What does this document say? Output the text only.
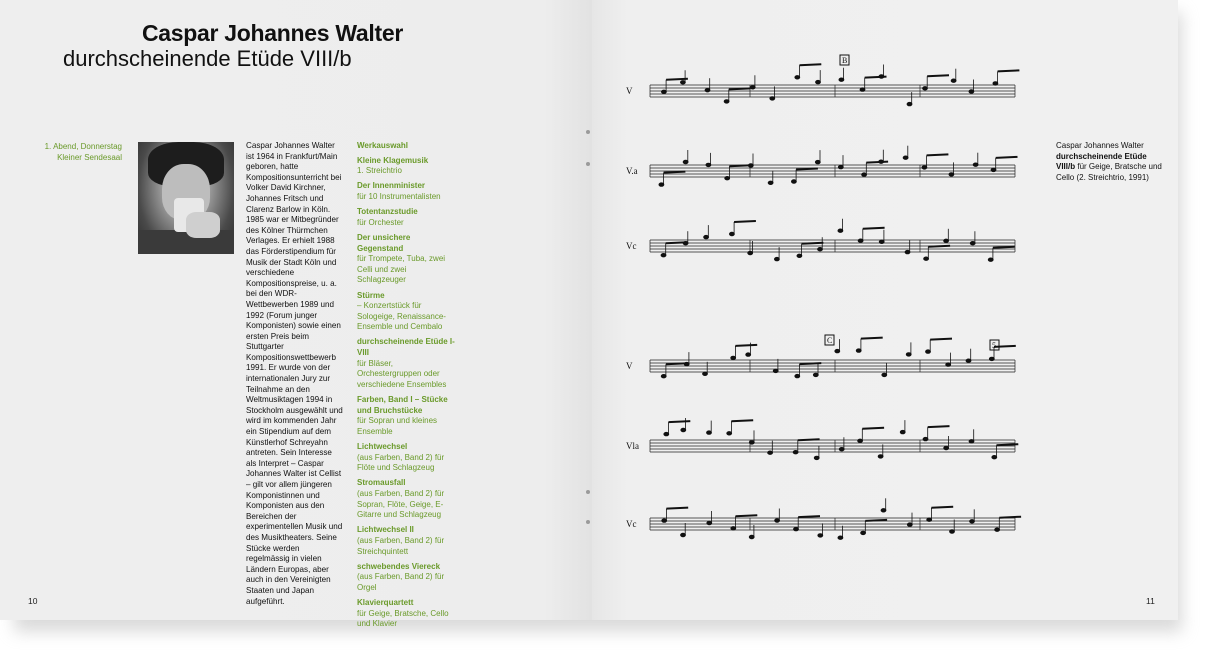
Caspar Johannes Walter
durchscheinende Etüde VIII/b
1. Abend, Donnerstag
Kleiner Sendesaal

Caspar Johannes Walter ist 1964 in Frankfurt/Main geboren, hatte Kompositionsunterricht bei Volker David Kirchner, Johannes Fritsch und Clarenz Barlow in Köln. 1985 war er Mitbegründer des Kölner Thürmchen Verlages. Er erhielt 1988 das Förderstipendium für Musik der Stadt Köln und verschiedene Kompositionspreise, u. a. bei den WDR-Wettbewerben 1989 und 1992 (Forum junger Komponisten) sowie einen ersten Preis beim Stuttgarter Kompositionswettbewerb 1991. Er wurde von der internationalen Jury zur Teilnahme an den Weltmusiktagen 1994 in Stockholm ausgewählt und wird im kommenden Jahr ein Stipendium auf dem Künstlerhof Schreyahn antreten. Sein Interesse als Interpret – Caspar Johannes Walter ist Cellist – gilt vor allem jüngeren Komponistinnen und Komponisten aus den Bereichen der experimentellen Musik und des Musiktheaters. Seine Stücke werden regelmässig in vielen Ländern Europas, aber auch in den Vereinigten Staaten und Japan aufgeführt.

Werkauswahl
Kleine Klagemusik
1. Streichtrio
Der Innenminister
für 10 Instrumentalisten
Totentanzstudie
für Orchester
Der unsichere Gegenstand
für Trompete, Tuba, zwei Celli und zwei Schlagzeuger
Stürme
– Konzertstück für Sologeige, Renaissance-Ensemble und Cembalo
durchscheinende Etüde I-VIII
für Bläser, Orchestergruppen oder verschiedene Ensembles
Farben, Band I – Stücke und Bruchstücke
für Sopran und kleines Ensemble
Lichtwechsel
(aus Farben, Band 2) für Flöte und Schlagzeug
Stromausfall
(aus Farben, Band 2) für Sopran, Flöte, Geige, E-Gitarre und Schlagzeug
Lichtwechsel II
(aus Farben, Band 2) für Streichquintett
schwebendes Viereck
(aus Farben, Band 2) für Orgel
Klavierquartett
für Geige, Bratsche, Cello und Klavier
10	11
V
V.a
Vc
V
Vla
Vc
B
C
5
Caspar Johannes Walter
durchscheinende Etüde VIII/b für Geige, Bratsche und Cello (2. Streichtrio, 1991)
